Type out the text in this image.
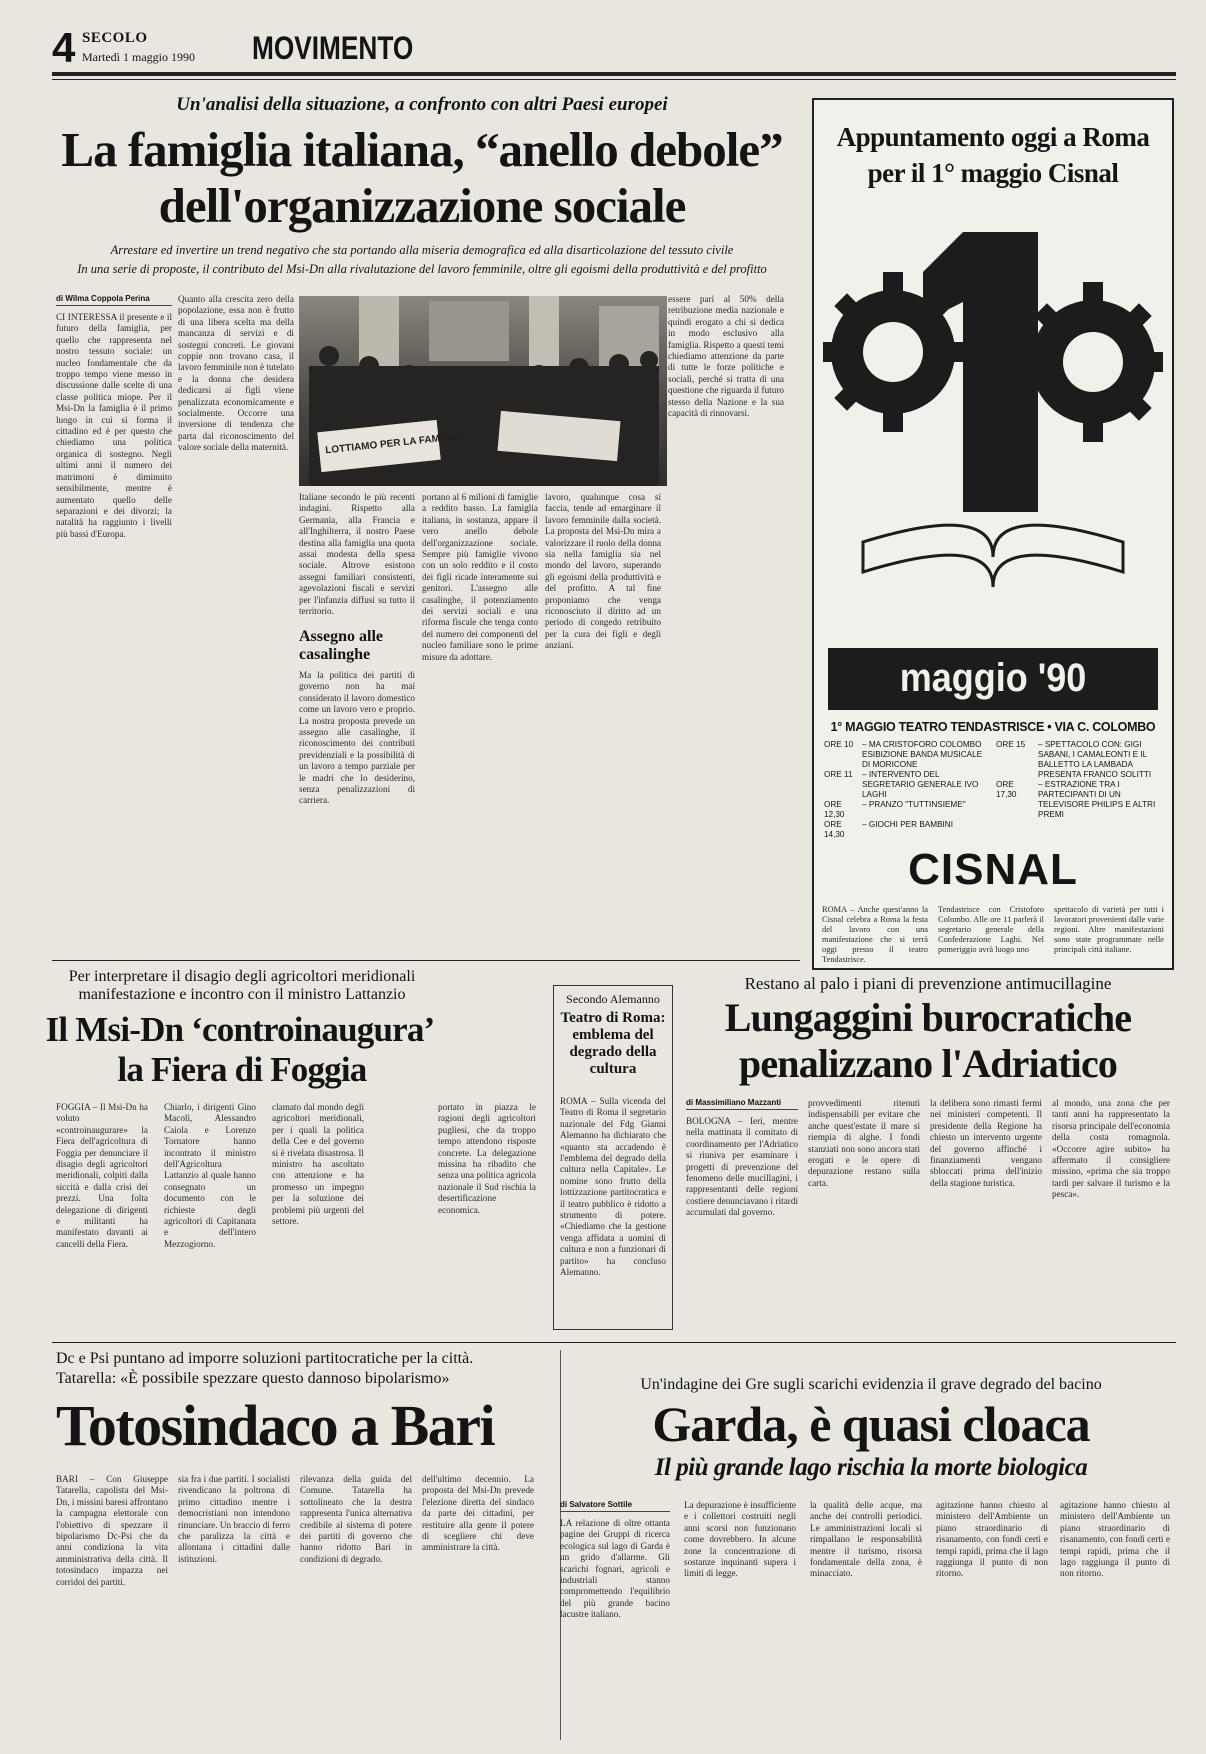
4 SECOLO
Martedì 1 maggio 1990 MOVIMENTO
Un'analisi della situazione, a confronto con altri Paesi europei
La famiglia italiana, “anello debole”
dell'organizzazione sociale
Arrestare ed invertire un trend negativo che sta portando alla miseria demografica ed alla disarticolazione del tessuto civile
In una serie di proposte, il contributo del Msi-Dn alla rivalutazione del lavoro femminile, oltre gli egoismi della produttività e del profitto
di Wilma Coppola Perina
CI INTERESSA il presente e il futuro della famiglia, per quello che rappresenta nel nostro tessuto sociale: un nucleo fondamentale che da troppo tempo viene messo in discussione dalle scelte di una classe politica miope. Per il Msi-Dn la famiglia è il primo luogo in cui si forma il cittadino ed è per questo che chiediamo una politica organica di sostegno. Negli ultimi anni il numero dei matrimoni è diminuito sensibilmente, mentre è aumentato quello delle separazioni e dei divorzi; la natalità ha raggiunto i livelli più bassi d'Europa.
Quanto alla crescita zero della popolazione, essa non è frutto di una libera scelta ma della mancanza di servizi e di sostegni concreti. Le giovani coppie non trovano casa, il lavoro femminile non è tutelato e la donna che desidera dedicarsi ai figli viene penalizzata economicamente e socialmente. Occorre una inversione di tendenza che parta dal riconoscimento del valore sociale della maternità.	LOTTIAMO PER LA FAMIGLIA
Italiane secondo le più recenti indagini. Rispetto alla Germania, alla Francia e all'Inghilterra, il nostro Paese destina alla famiglia una quota assai modesta della spesa sociale. Altrove esistono assegni familiari consistenti, agevolazioni fiscali e servizi per l'infanzia diffusi su tutto il territorio.
Assegno alle casalinghe
Ma la politica dei partiti di governo non ha mai considerato il lavoro domestico come un lavoro vero e proprio. La nostra proposta prevede un assegno alle casalinghe, il riconoscimento dei contributi previdenziali e la possibilità di un lavoro a tempo parziale per le madri che lo desiderino, senza penalizzazioni di carriera.
portano al 6 milioni di famiglie a reddito basso. La famiglia italiana, in sostanza, appare il vero anello debole dell'organizzazione sociale. Sempre più famiglie vivono con un solo reddito e il costo dei figli ricade interamente sui genitori. L'assegno alle casalinghe, il potenziamento dei servizi sociali e una riforma fiscale che tenga conto del numero dei componenti del nucleo familiare sono le prime misure da adottare.
lavoro, qualunque cosa si faccia, tende ad emarginare il lavoro femminile dalla società. La proposta del Msi-Dn mira a valorizzare il ruolo della donna sia nella famiglia sia nel mondo del lavoro, superando gli egoismi della produttività e del profitto. A tal fine proponiamo che venga riconosciuto il diritto ad un periodo di congedo retribuito per la cura dei figli e degli anziani.
essere pari al 50% della retribuzione media nazionale e quindi erogato a chi si dedica in modo esclusivo alla famiglia. Rispetto a questi temi chiediamo attenzione da parte di tutte le forze politiche e sociali, perché si tratta di una questione che riguarda il futuro stesso della Nazione e la sua capacità di rinnovarsi.
Appuntamento oggi a Roma
per il 1° maggio Cisnal
maggio '90
1° MAGGIO TEATRO TENDASTRISCE • VIA C. COLOMBO
ORE 10	– MA CRISTOFORO COLOMBO ESIBIZIONE BANDA MUSICALE DI MORICONE
ORE 11	– INTERVENTO DEL SEGRETARIO GENERALE IVO LAGHI
ORE 12,30	– PRANZO "TUTTINSIEME"
ORE 14,30	– GIOCHI PER BAMBINI
ORE 15	– SPETTACOLO CON: GIGI SABANI, I CAMALEONTI E IL BALLETTO LA LAMBADA PRESENTA FRANCO SOLITTI
ORE 17,30	– ESTRAZIONE TRA I PARTECIPANTI DI UN TELEVISORE PHILIPS E ALTRI PREMI
CISNAL
ROMA – Anche quest'anno la Cisnal celebra a Roma la festa del lavoro con una manifestazione che si terrà oggi presso il teatro Tendastrisce.
Tendastrisce con Cristoforo Colombo. Alle ore 11 parlerà il segretario generale della Confederazione Laghi. Nel pomeriggio avrà luogo uno
spettacolo di varietà per tutti i lavoratori provenienti dalle varie regioni. Altre manifestazioni sono state programmate nelle principali città italiane.
Per interpretare il disagio degli agricoltori meridionali
manifestazione e incontro con il ministro Lattanzio
Il Msi-Dn ‘controinaugura’
la Fiera di Foggia
FOGGIA – Il Msi-Dn ha voluto «controinaugurare» la Fiera dell'agricoltura di Foggia per denunciare il disagio degli agricoltori meridionali, colpiti dalla siccità e dalla crisi dei prezzi. Una folta delegazione di dirigenti e militanti ha manifestato davanti ai cancelli della Fiera.
Chiarlo, i dirigenti Gino Macolì, Alessandro Caiola e Lorenzo Tornatore hanno incontrato il ministro dell'Agricoltura Lattanzio al quale hanno consegnato un documento con le richieste degli agricoltori di Capitanata e dell'intero Mezzogiorno.
clamato dal mondo degli agricoltori meridionali, per i quali la politica della Cee e del governo si è rivelata disastrosa. Il ministro ha ascoltato con attenzione e ha promesso un impegno per la soluzione dei problemi più urgenti del settore.
portato in piazza le ragioni degli agricoltori pugliesi, che da troppo tempo attendono risposte concrete. La delegazione missina ha ribadito che senza una politica agricola nazionale il Sud rischia la desertificazione economica.
Secondo Alemanno
Teatro di Roma: emblema del degrado della cultura
ROMA – Sulla vicenda del Teatro di Roma il segretario nazionale del Fdg Gianni Alemanno ha dichiarato che «quanto sta accadendo è l'emblema del degrado della cultura nella Capitale». Le nomine sono frutto della lottizzazione partitocratica e il teatro pubblico è ridotto a strumento di potere. «Chiediamo che la gestione venga affidata a uomini di cultura e non a funzionari di partito» ha concluso Alemanno.
Restano al palo i piani di prevenzione antimucillagine
Lungaggini burocratiche
penalizzano l'Adriatico
di Massimiliano Mazzanti
BOLOGNA – Ieri, mentre nella mattinata il comitato di coordinamento per l'Adriatico si riuniva per esaminare i progetti di prevenzione del fenomeno delle mucillagini, i rappresentanti delle regioni costiere denunciavano i ritardi accumulati dal governo.
provvedimenti ritenuti indispensabili per evitare che anche quest'estate il mare si riempia di alghe. I fondi stanziati non sono ancora stati erogati e le opere di depurazione restano sulla carta.
la delibera sono rimasti fermi nei ministeri competenti. Il presidente della Regione ha chiesto un intervento urgente del governo affinché i finanziamenti vengano sbloccati prima dell'inizio della stagione turistica.
al mondo, una zona che per tanti anni ha rappresentato la risorsa principale dell'economia della costa romagnola. «Occorre agire subito» ha affermato il consigliere missino, «prima che sia troppo tardi per salvare il turismo e la pesca».
Dc e Psi puntano ad imporre soluzioni partitocratiche per la città.
Tatarella: «È possibile spezzare questo dannoso bipolarismo»
Totosindaco a Bari
BARI – Con Giuseppe Tatarella, capolista del Msi-Dn, i missini baresi affrontano la campagna elettorale con l'obiettivo di spezzare il bipolarismo Dc-Psi che da anni condiziona la vita amministrativa della città. Il totosindaco impazza nei corridoi dei partiti.
sia fra i due partiti. I socialisti rivendicano la poltrona di primo cittadino mentre i democristiani non intendono rinunciare. Un braccio di ferro che paralizza la città e allontana i cittadini dalle istituzioni.
rilevanza della guida del Comune. Tatarella ha sottolineato che la destra rappresenta l'unica alternativa credibile al sistema di potere dei partiti di governo che hanno ridotto Bari in condizioni di degrado.
dell'ultimo decennio. La proposta del Msi-Dn prevede l'elezione diretta del sindaco da parte dei cittadini, per restituire alla gente il potere di scegliere chi deve amministrare la città.
Un'indagine dei Gre sugli scarichi evidenzia il grave degrado del bacino
Garda, è quasi cloaca
Il più grande lago rischia la morte biologica
di Salvatore Sottile
LA relazione di oltre ottanta pagine dei Gruppi di ricerca ecologica sul lago di Garda è un grido d'allarme. Gli scarichi fognari, agricoli e industriali stanno compromettendo l'equilibrio del più grande bacino lacustre italiano.
La depurazione è insufficiente e i collettori costruiti negli anni scorsi non funzionano come dovrebbero. In alcune zone la concentrazione di sostanze inquinanti supera i limiti di legge.
la qualità delle acque, ma anche dei controlli periodici. Le amministrazioni locali si rimpallano le responsabilità mentre il turismo, risorsa fondamentale della zona, è minacciato.
agitazione hanno chiesto al ministero dell'Ambiente un piano straordinario di risanamento, con fondi certi e tempi rapidi, prima che il lago raggiunga il punto di non ritorno.
agitazione hanno chiesto al ministero dell'Ambiente un piano straordinario di risanamento, con fondi certi e tempi rapidi, prima che il lago raggiunga il punto di non ritorno.
